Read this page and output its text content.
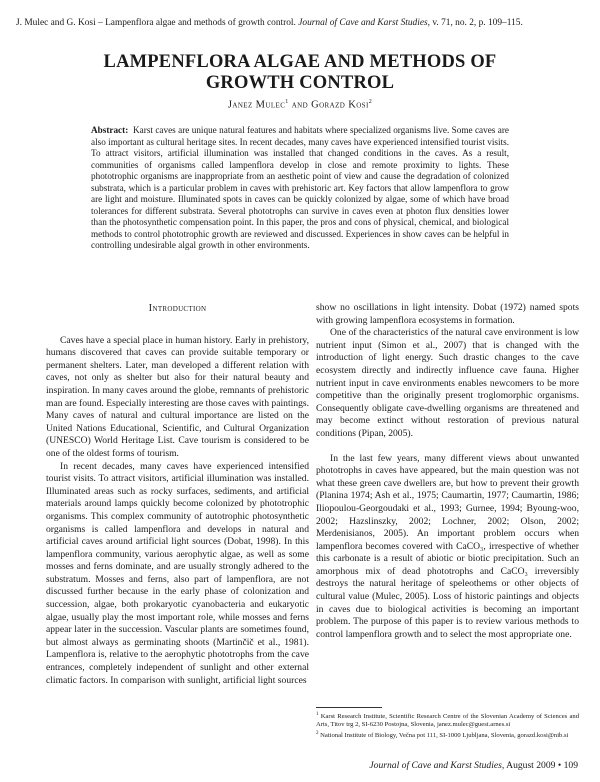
J. Mulec and G. Kosi – Lampenflora algae and methods of growth control. Journal of Cave and Karst Studies, v. 71, no. 2, p. 109–115.
LAMPENFLORA ALGAE AND METHODS OF
GROWTH CONTROL
Janez Mulec$^1$ and Gorazd Kosi$^2$
Abstract: Karst caves are unique natural features and habitats where specialized organisms live. Some caves are also important as cultural heritage sites. In recent decades, many caves have experienced intensified tourist visits. To attract visitors, artificial illumination was installed that changed conditions in the caves. As a result, communities of organisms called lampenflora develop in close and remote proximity to lights. These phototrophic organisms are inappropriate from an aesthetic point of view and cause the degradation of colonized substrata, which is a particular problem in caves with prehistoric art. Key factors that allow lampenflora to grow are light and moisture. Illuminated spots in caves can be quickly colonized by algae, some of which have broad tolerances for different substrata. Several phototrophs can survive in caves even at photon flux densities lower than the photosynthetic compensation point. In this paper, the pros and cons of physical, chemical, and biological methods to control phototrophic growth are reviewed and discussed. Experiences in show caves can be helpful in controlling undesirable algal growth in other environments.
Introduction

Caves have a special place in human history. Early in prehistory, humans discovered that caves can provide suitable temporary or permanent shelters. Later, man developed a different relation with caves, not only as shelter but also for their natural beauty and inspiration. In many caves around the globe, remnants of prehistoric man are found. Especially interesting are those caves with paintings. Many caves of natural and cultural importance are listed on the United Nations Educational, Scientific, and Cultural Organization (UNESCO) World Heritage List. Cave tourism is considered to be one of the oldest forms of tourism.

In recent decades, many caves have experienced intensified tourist visits. To attract visitors, artificial illumination was installed. Illuminated areas such as rocky surfaces, sediments, and artificial materials around lamps quickly become colonized by phototrophic organisms. This complex community of autotrophic photosynthetic organisms is called lampenflora and develops in natural and artificial caves around artificial light sources (Dobat, 1998). In this lampenflora community, various aerophytic algae, as well as some mosses and ferns dominate, and are usually strongly adhered to the substratum. Mosses and ferns, also part of lampenflora, are not discussed further because in the early phase of colonization and succession, algae, both prokaryotic cyanobacteria and eukaryotic algae, usually play the most important role, while mosses and ferns appear later in the succession. Vascular plants are sometimes found, but almost always as germinating shoots (Martinčič et al., 1981). Lampenflora is, relative to the aerophytic phototrophs from the cave entrances, completely independent of sunlight and other external climatic factors. In comparison with sunlight, artificial light sources

show no oscillations in light intensity. Dobat (1972) named spots with growing lampenflora ecosystems in formation.

One of the characteristics of the natural cave environment is low nutrient input (Simon et al., 2007) that is changed with the introduction of light energy. Such drastic changes to the cave ecosystem directly and indirectly influence cave fauna. Higher nutrient input in cave environments enables newcomers to be more competitive than the originally present troglomorphic organisms. Consequently obligate cave-dwelling organisms are threatened and may become extinct without restoration of previous natural conditions (Pipan, 2005).

In the last few years, many different views about unwanted phototrophs in caves have appeared, but the main question was not what these green cave dwellers are, but how to prevent their growth (Planina 1974; Ash et al., 1975; Caumartin, 1977; Caumartin, 1986; Iliopoulou-Georgoudaki et al., 1993; Gurnee, 1994; Byoung-woo, 2002; Hazslinszky, 2002; Lochner, 2002; Olson, 2002; Merdenisianos, 2005). An important problem occurs when lampenflora becomes covered with CaCO₃, irrespective of whether this carbonate is a result of abiotic or biotic precipitation. Such an amorphous mix of dead phototrophs and CaCO₃ irreversibly destroys the natural heritage of speleothems or other objects of cultural value (Mulec, 2005). Loss of historic paintings and objects in caves due to biological activities is becoming an important problem. The purpose of this paper is to review various methods to control lampenflora growth and to select the most appropriate one.

$^1$ Karst Research Institute, Scientific Research Centre of the Slovenian Academy of Sciences and Arts, Titov trg 2, SI-6230 Postojna, Slovenia, janez.mulec@guest.arnes.si

$^2$ National Institute of Biology, Večna pot 111, SI-1000 Ljubljana, Slovenia, gorazd.kosi@nib.si

Journal of Cave and Karst Studies, August 2009 • 109
